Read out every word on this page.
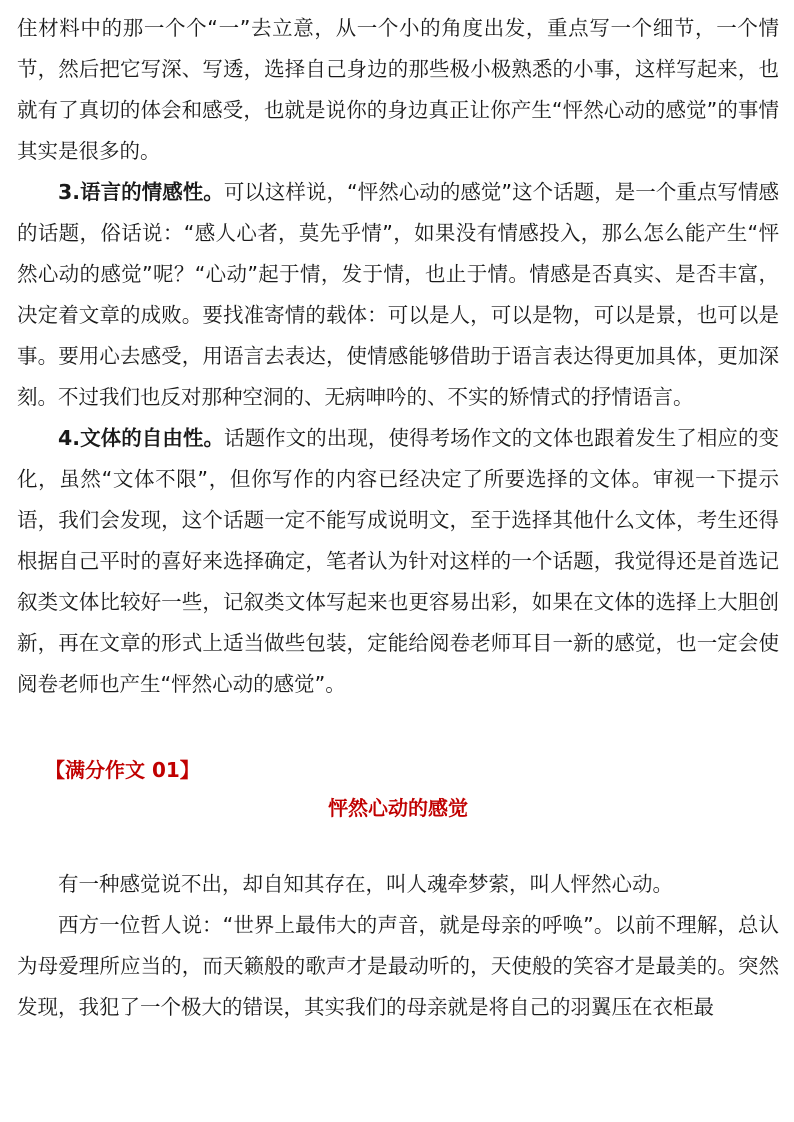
住材料中的那一个个“一”去立意，从一个小的角度出发，重点写一个细节，一个情节，然后把它写深、写透，选择自己身边的那些极小极熟悉的小事，这样写起来，也就有了真切的体会和感受，也就是说你的身边真正让你产生“怦然心动的感觉”的事情其实是很多的。

3.语言的情感性。可以这样说，“怦然心动的感觉”这个话题，是一个重点写情感的话题，俗话说：“感人心者，莫先乎情”，如果没有情感投入，那么怎么能产生“怦然心动的感觉”呢？“心动”起于情，发于情，也止于情。情感是否真实、是否丰富，决定着文章的成败。要找准寄情的载体：可以是人，可以是物，可以是景，也可以是事。要用心去感受，用语言去表达，使情感能够借助于语言表达得更加具体，更加深刻。不过我们也反对那种空洞的、无病呻吟的、不实的矫情式的抒情语言。

4.文体的自由性。话题作文的出现，使得考场作文的文体也跟着发生了相应的变化，虽然“文体不限”，但你写作的内容已经决定了所要选择的文体。审视一下提示语，我们会发现，这个话题一定不能写成说明文，至于选择其他什么文体，考生还得根据自己平时的喜好来选择确定，笔者认为针对这样的一个话题，我觉得还是首选记叙类文体比较好一些，记叙类文体写起来也更容易出彩，如果在文体的选择上大胆创新，再在文章的形式上适当做些包装，定能给阅卷老师耳目一新的感觉，也一定会使阅卷老师也产生“怦然心动的感觉”。

【满分作文 01】
怦然心动的感觉

有一种感觉说不出，却自知其存在，叫人魂牵梦萦，叫人怦然心动。

西方一位哲人说：“世界上最伟大的声音，就是母亲的呼唤”。以前不理解，总认为母爱理所应当的，而天籁般的歌声才是最动听的，天使般的笑容才是最美的。突然发现，我犯了一个极大的错误，其实我们的母亲就是将自己的羽翼压在衣柜最
